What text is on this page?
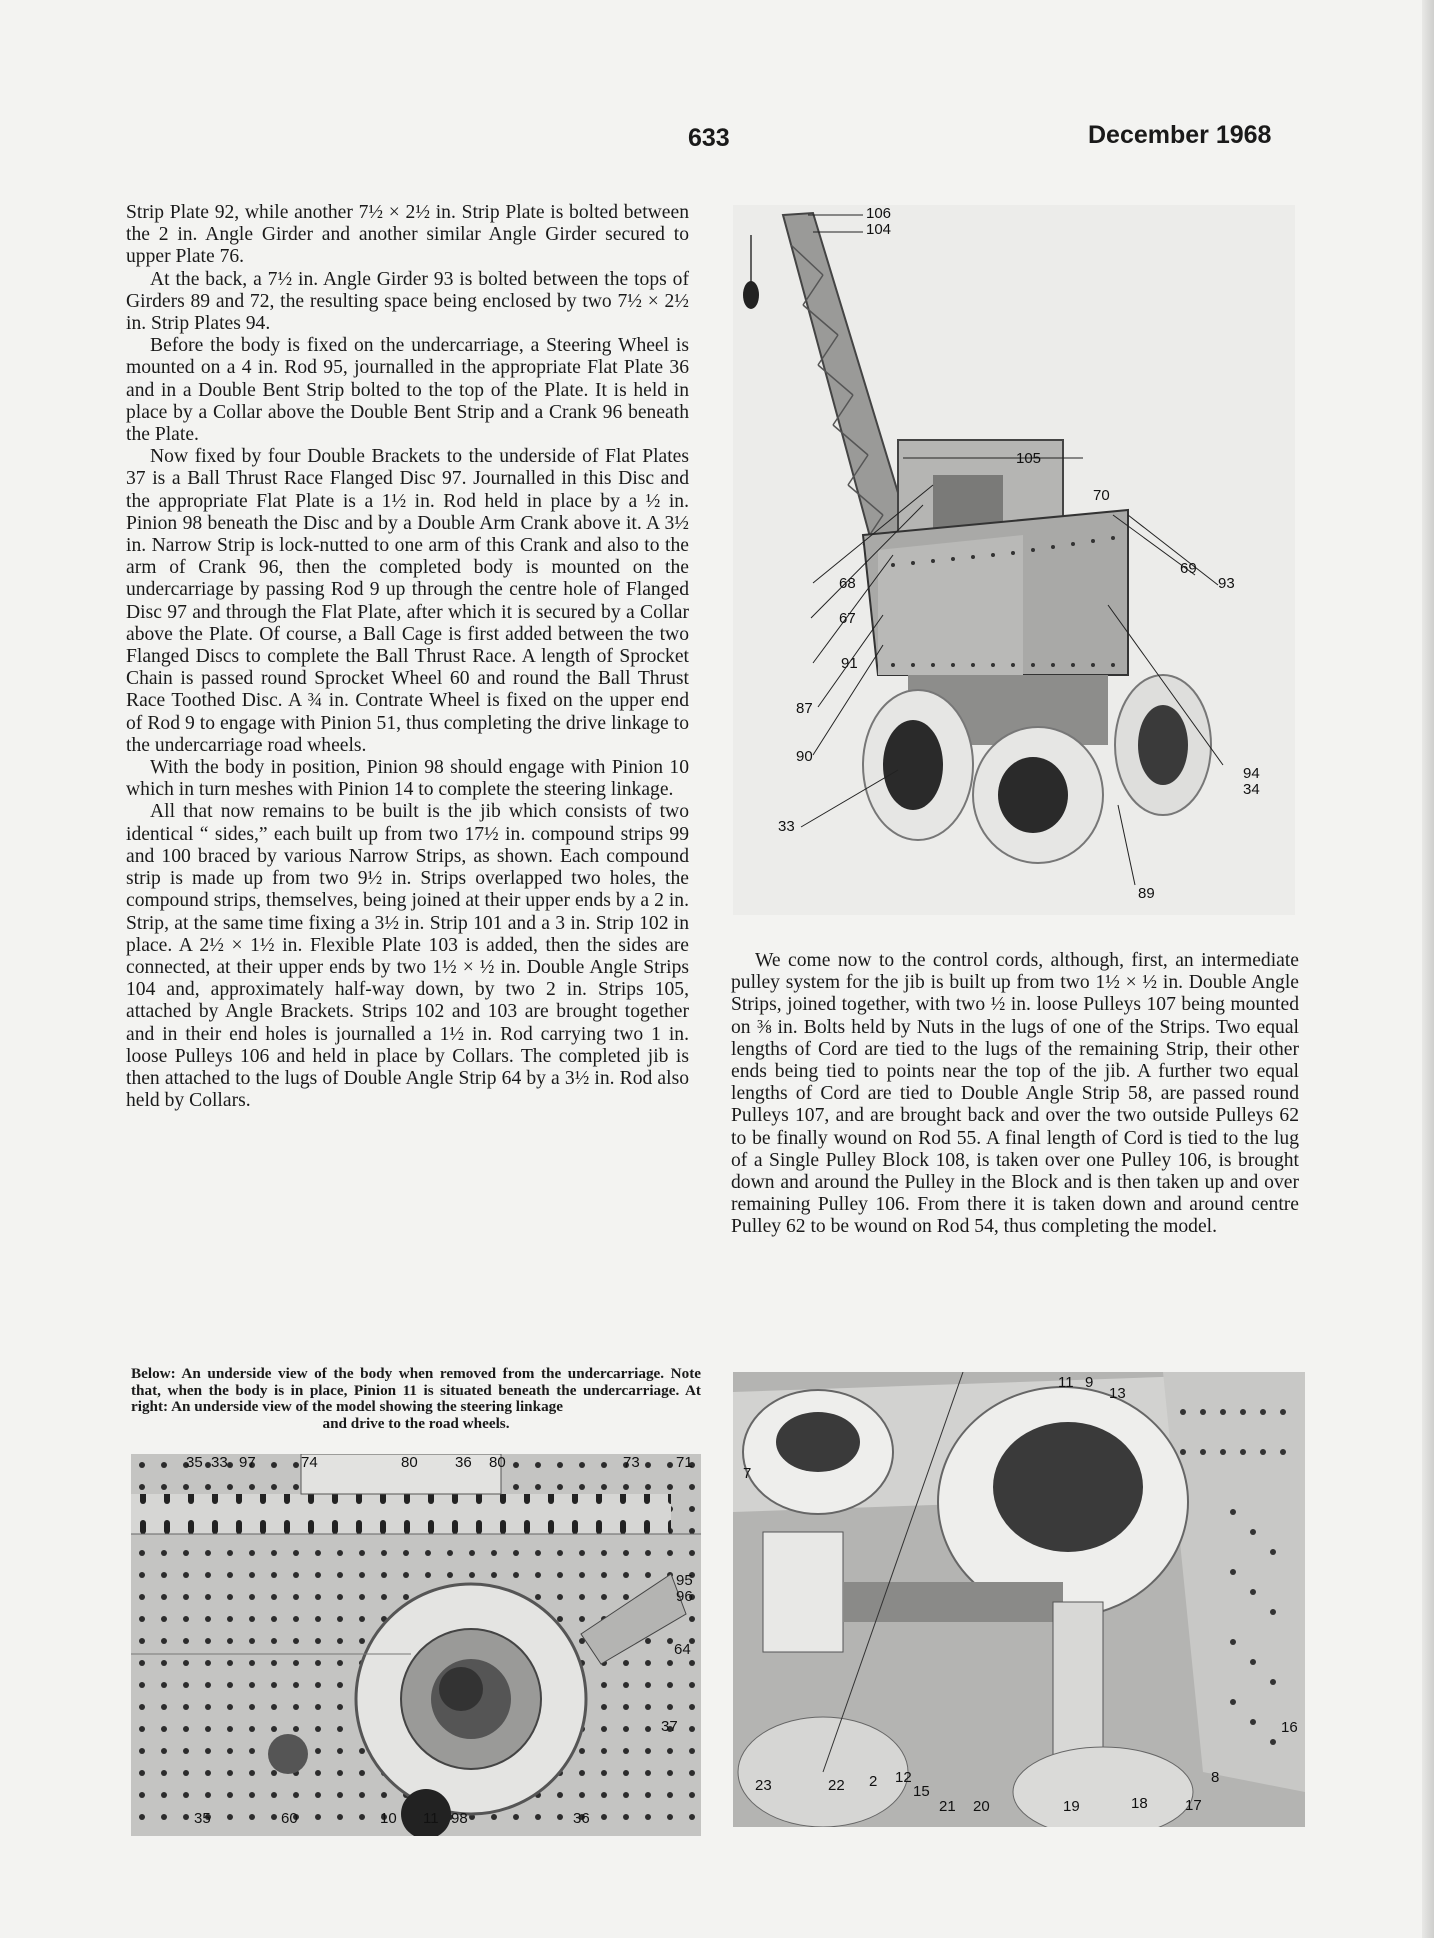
633	December 1968

Strip Plate 92, while another 7½ × 2½ in. Strip Plate is bolted between the 2 in. Angle Girder and another similar Angle Girder secured to upper Plate 76.

At the back, a 7½ in. Angle Girder 93 is bolted between the tops of Girders 89 and 72, the resulting space being enclosed by two 7½ × 2½ in. Strip Plates 94.

Before the body is fixed on the undercarriage, a Steering Wheel is mounted on a 4 in. Rod 95, journalled in the appropriate Flat Plate 36 and in a Double Bent Strip bolted to the top of the Plate. It is held in place by a Collar above the Double Bent Strip and a Crank 96 beneath the Plate.

Now fixed by four Double Brackets to the underside of Flat Plates 37 is a Ball Thrust Race Flanged Disc 97. Journalled in this Disc and the appropriate Flat Plate is a 1½ in. Rod held in place by a ½ in. Pinion 98 beneath the Disc and by a Double Arm Crank above it. A 3½ in. Narrow Strip is lock-nutted to one arm of this Crank and also to the arm of Crank 96, then the completed body is mounted on the undercarriage by passing Rod 9 up through the centre hole of Flanged Disc 97 and through the Flat Plate, after which it is secured by a Collar above the Plate. Of course, a Ball Cage is first added between the two Flanged Discs to complete the Ball Thrust Race. A length of Sprocket Chain is passed round Sprocket Wheel 60 and round the Ball Thrust Race Toothed Disc. A ¾ in. Contrate Wheel is fixed on the upper end of Rod 9 to engage with Pinion 51, thus completing the drive linkage to the undercarriage road wheels.

With the body in position, Pinion 98 should engage with Pinion 10 which in turn meshes with Pinion 14 to complete the steering linkage.

All that now remains to be built is the jib which consists of two identical “ sides,” each built up from two 17½ in. compound strips 99 and 100 braced by various Narrow Strips, as shown. Each compound strip is made up from two 9½ in. Strips overlapped two holes, the compound strips, themselves, being joined at their upper ends by a 2 in. Strip, at the same time fixing a 3½ in. Strip 101 and a 3 in. Strip 102 in place. A 2½ × 1½ in. Flexible Plate 103 is added, then the sides are connected, at their upper ends by two 1½ × ½ in. Double Angle Strips 104 and, approximately half-way down, by two 2 in. Strips 105, attached by Angle Brackets. Strips 102 and 103 are brought together and in their end holes is journalled a 1½ in. Rod carrying two 1 in. loose Pulleys 106 and held in place by Collars. The completed jib is then attached to the lugs of Double Angle Strip 64 by a 3½ in. Rod also held by Collars.

We come now to the control cords, although, first, an intermediate pulley system for the jib is built up from two 1½ × ½ in. Double Angle Strips, joined together, with two ½ in. loose Pulleys 107 being mounted on ⅜ in. Bolts held by Nuts in the lugs of one of the Strips. Two equal lengths of Cord are tied to the lugs of the remaining Strip, their other ends being tied to points near the top of the jib. A further two equal lengths of Cord are tied to Double Angle Strip 58, are passed round Pulleys 107, and are brought back and over the two outside Pulleys 62 to be finally wound on Rod 55. A final length of Cord is tied to the lug of a Single Pulley Block 108, is taken over one Pulley 106, is brought down and around the Pulley in the Block and is then taken up and over remaining Pulley 106. From there it is taken down and around centre Pulley 62 to be wound on Rod 54, thus completing the model.

Below: An underside view of the body when removed from the undercarriage. Note that, when the body is in place, Pinion 11 is situated beneath the undercarriage. At right: An underside view of the model showing the steering linkage
and drive to the road wheels.
106
104
105
70
69
93
68
67
91
87
90
94
34
33
89
35 33 97	74	80 36 80	73 71
95
96
64
37
35	60	10 11 98	36
11 9
13
7
16
8
17
18
19
20
21
15
12
2
22
23
